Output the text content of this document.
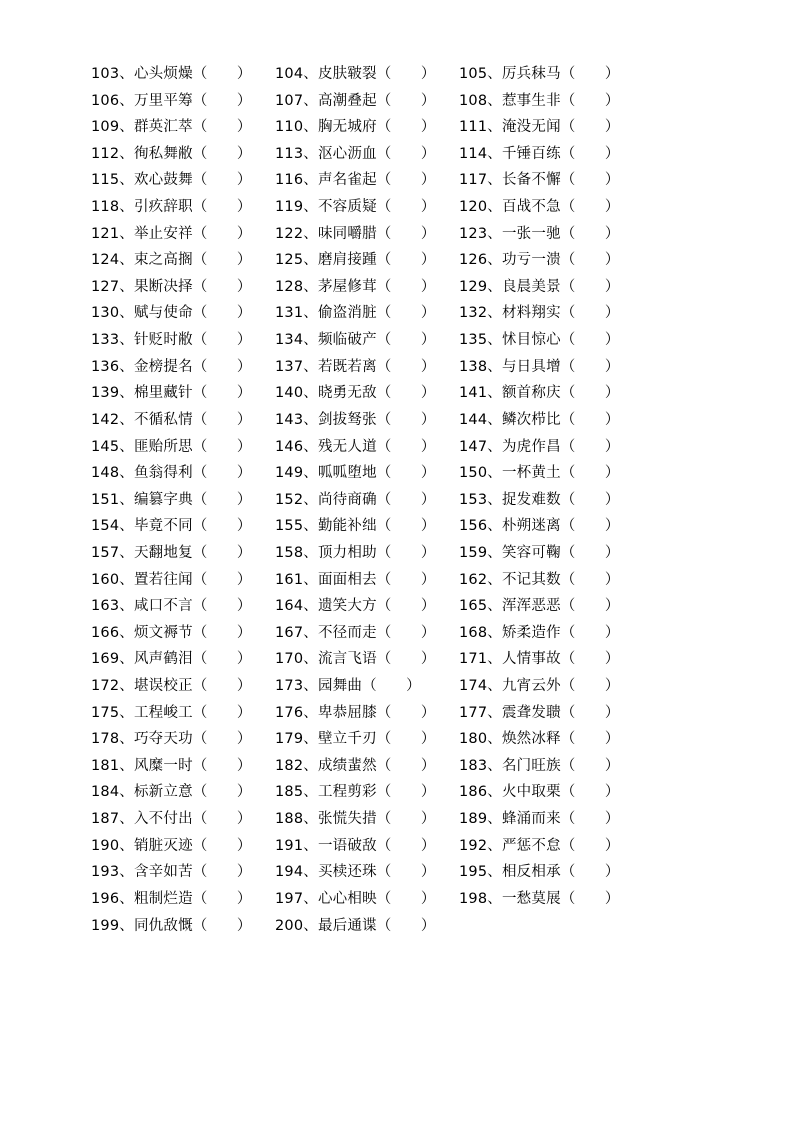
103、心头烦燥（　　） 104、皮肤皲裂（　　） 105、厉兵秣马（　　）
106、万里平筹（　　） 107、高潮叠起（　　） 108、惹事生非（　　）
109、群英汇萃（　　） 110、胸无城府（　　） 111、淹没无闻（　　）
112、徇私舞敝（　　） 113、沤心沥血（　　） 114、千锤百练（　　）
115、欢心鼓舞（　　） 116、声名雀起（　　） 117、长备不懈（　　）
118、引疚辞职（　　） 119、不容质疑（　　） 120、百战不急（　　）
121、举止安祥（　　） 122、味同嚼腊（　　） 123、一张一驰（　　）
124、束之高搁（　　） 125、磨肩接踵（　　） 126、功亏一溃（　　）
127、果断决择（　　） 128、茅屋修茸（　　） 129、良晨美景（　　）
130、赋与使命（　　） 131、偷盗消脏（　　） 132、材料翔实（　　）
133、针贬时敝（　　） 134、频临破产（　　） 135、怵目惊心（　　）
136、金榜提名（　　） 137、若既若离（　　） 138、与日具增（　　）
139、棉里藏针（　　） 140、晓勇无敌（　　） 141、额首称庆（　　）
142、不循私情（　　） 143、剑拔驽张（　　） 144、鳞次栉比（　　）
145、匪贻所思（　　） 146、残无人道（　　） 147、为虎作昌（　　）
148、鱼翁得利（　　） 149、呱呱堕地（　　） 150、一杯黄土（　　）
151、编篡字典（　　） 152、尚待商确（　　） 153、捉发难数（　　）
154、毕竟不同（　　） 155、勤能补绌（　　） 156、朴朔迷离（　　）
157、天翻地复（　　） 158、顶力相助（　　） 159、笑容可鞠（　　）
160、置若往闻（　　） 161、面面相去（　　） 162、不记其数（　　）
163、咸口不言（　　） 164、遗笑大方（　　） 165、浑浑恶恶（　　）
166、烦文褥节（　　） 167、不径而走（　　） 168、矫柔造作（　　）
169、风声鹤泪（　　） 170、流言飞语（　　） 171、人情事故（　　）
172、堪误校正（　　） 173、园舞曲（　　）	174、九宵云外（　　）
175、工程峻工（　　） 176、卑恭屈膝（　　） 177、震聋发聩（　　）
178、巧夺天功（　　） 179、壁立千刃（　　） 180、焕然冰释（　　）
181、风糜一时（　　） 182、成绩蜚然（　　） 183、名门旺族（　　）
184、标新立意（　　） 185、工程剪彩（　　） 186、火中取栗（　　）
187、入不付出（　　） 188、张慌失措（　　） 189、蜂涌而来（　　）
190、销脏灭迹（　　） 191、一语破敌（　　） 192、严惩不怠（　　）
193、含辛如苦（　　） 194、买椟还珠（　　） 195、相反相承（　　）
196、粗制烂造（　　） 197、心心相映（　　） 198、一愁莫展（　　）
199、同仇敌慨（　　） 200、最后通谍（　　）
